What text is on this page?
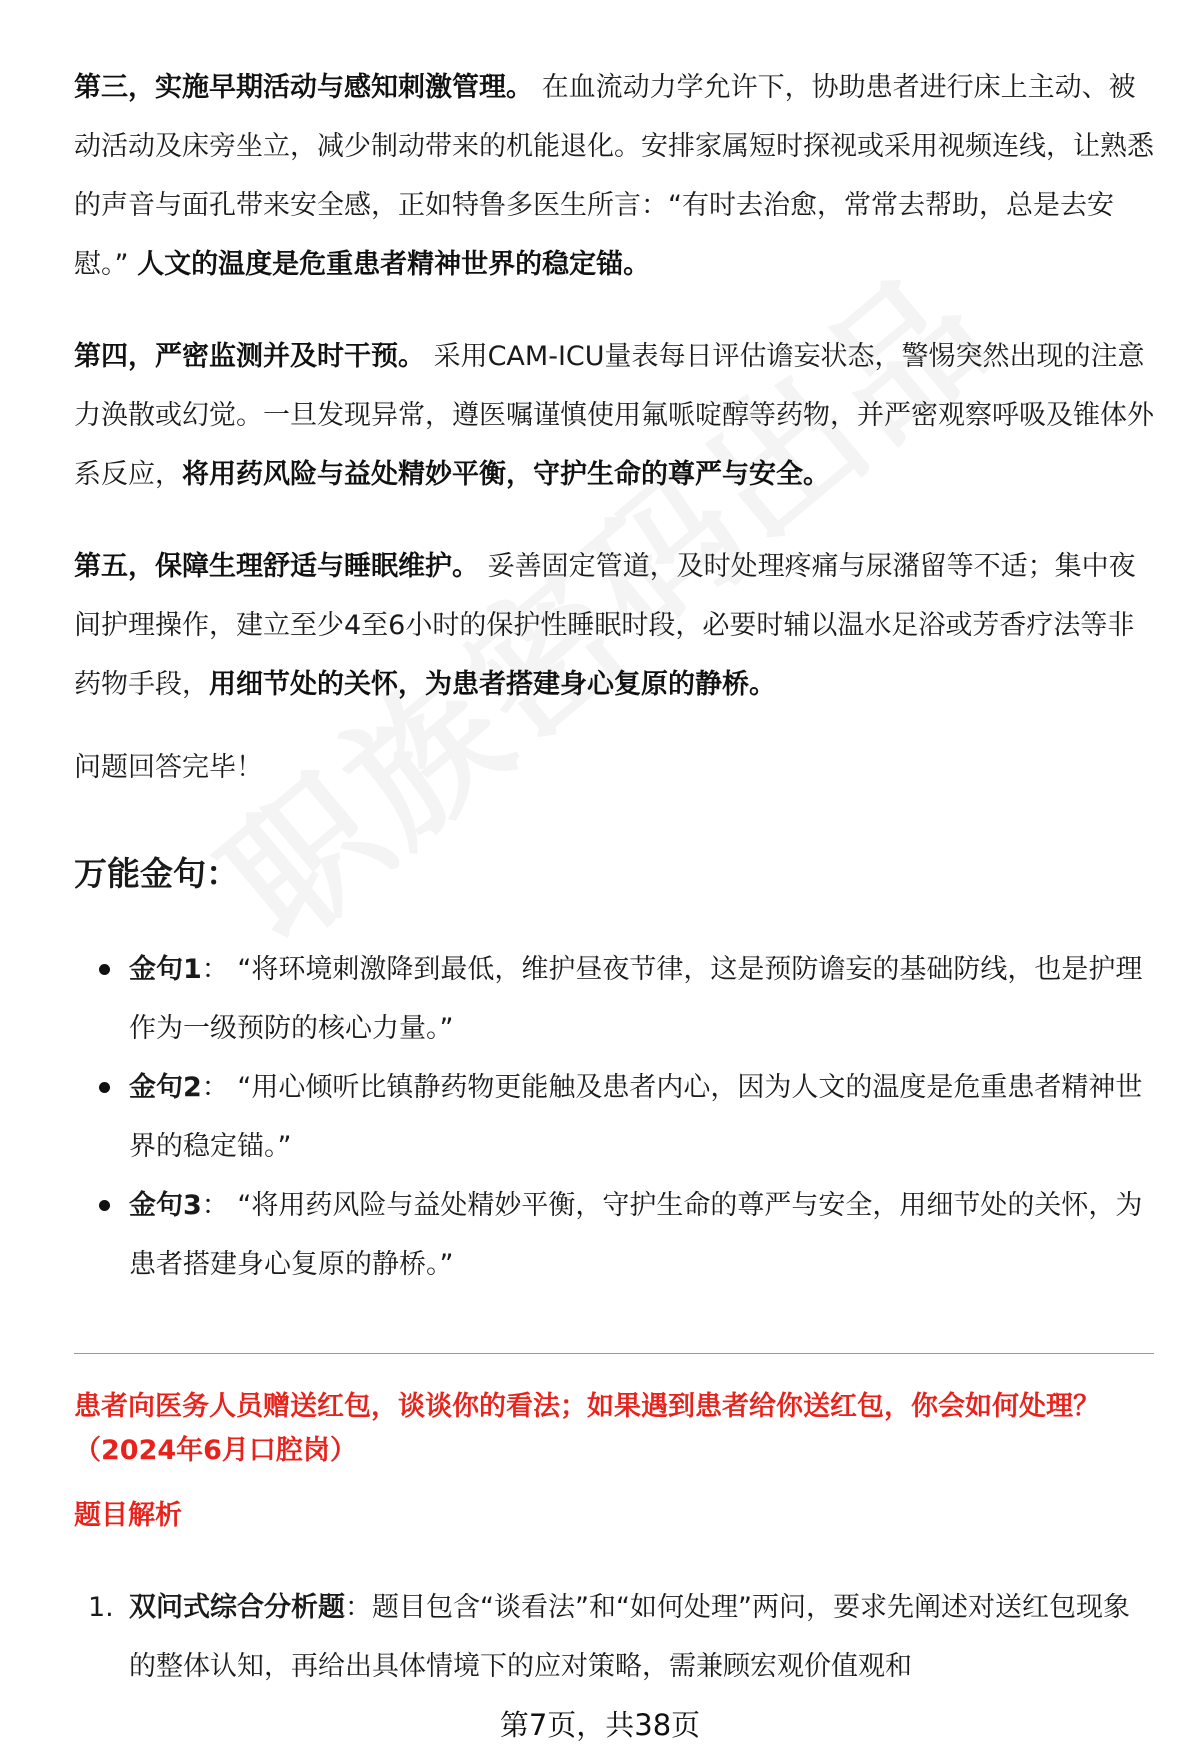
第三，实施早期活动与感知刺激管理。 在血流动力学允许下，协助患者进行床上主动、被动活动及床旁坐立，减少制动带来的机能退化。安排家属短时探视或采用视频连线，让熟悉的声音与面孔带来安全感，正如特鲁多医生所言：“有时去治愈，常常去帮助，总是去安慰。” 人文的温度是危重患者精神世界的稳定锚。

第四，严密监测并及时干预。 采用CAM-ICU量表每日评估谵妄状态，警惕突然出现的注意力涣散或幻觉。一旦发现异常，遵医嘱谨慎使用氟哌啶醇等药物，并严密观察呼吸及锥体外系反应，将用药风险与益处精妙平衡，守护生命的尊严与安全。

第五，保障生理舒适与睡眠维护。 妥善固定管道，及时处理疼痛与尿潴留等不适；集中夜间护理操作，建立至少4至6小时的保护性睡眠时段，必要时辅以温水足浴或芳香疗法等非药物手段，用细节处的关怀，为患者搭建身心复原的静桥。

问题回答完毕！

万能金句：
金句1： “将环境刺激降到最低，维护昼夜节律，这是预防谵妄的基础防线，也是护理作为一级预防的核心力量。”
金句2： “用心倾听比镇静药物更能触及患者内心，因为人文的温度是危重患者精神世界的稳定锚。”
金句3： “将用药风险与益处精妙平衡，守护生命的尊严与安全，用细节处的关怀，为患者搭建身心复原的静桥。”

患者向医务人员赠送红包，谈谈你的看法；如果遇到患者给你送红包，你会如何处理？（2024年6月口腔岗）

题目解析

1. 双问式综合分析题：题目包含“谈看法”和“如何处理”两问，要求先阐述对送红包现象的整体认知，再给出具体情境下的应对策略，需兼顾宏观价值观和
第7页，共38页
